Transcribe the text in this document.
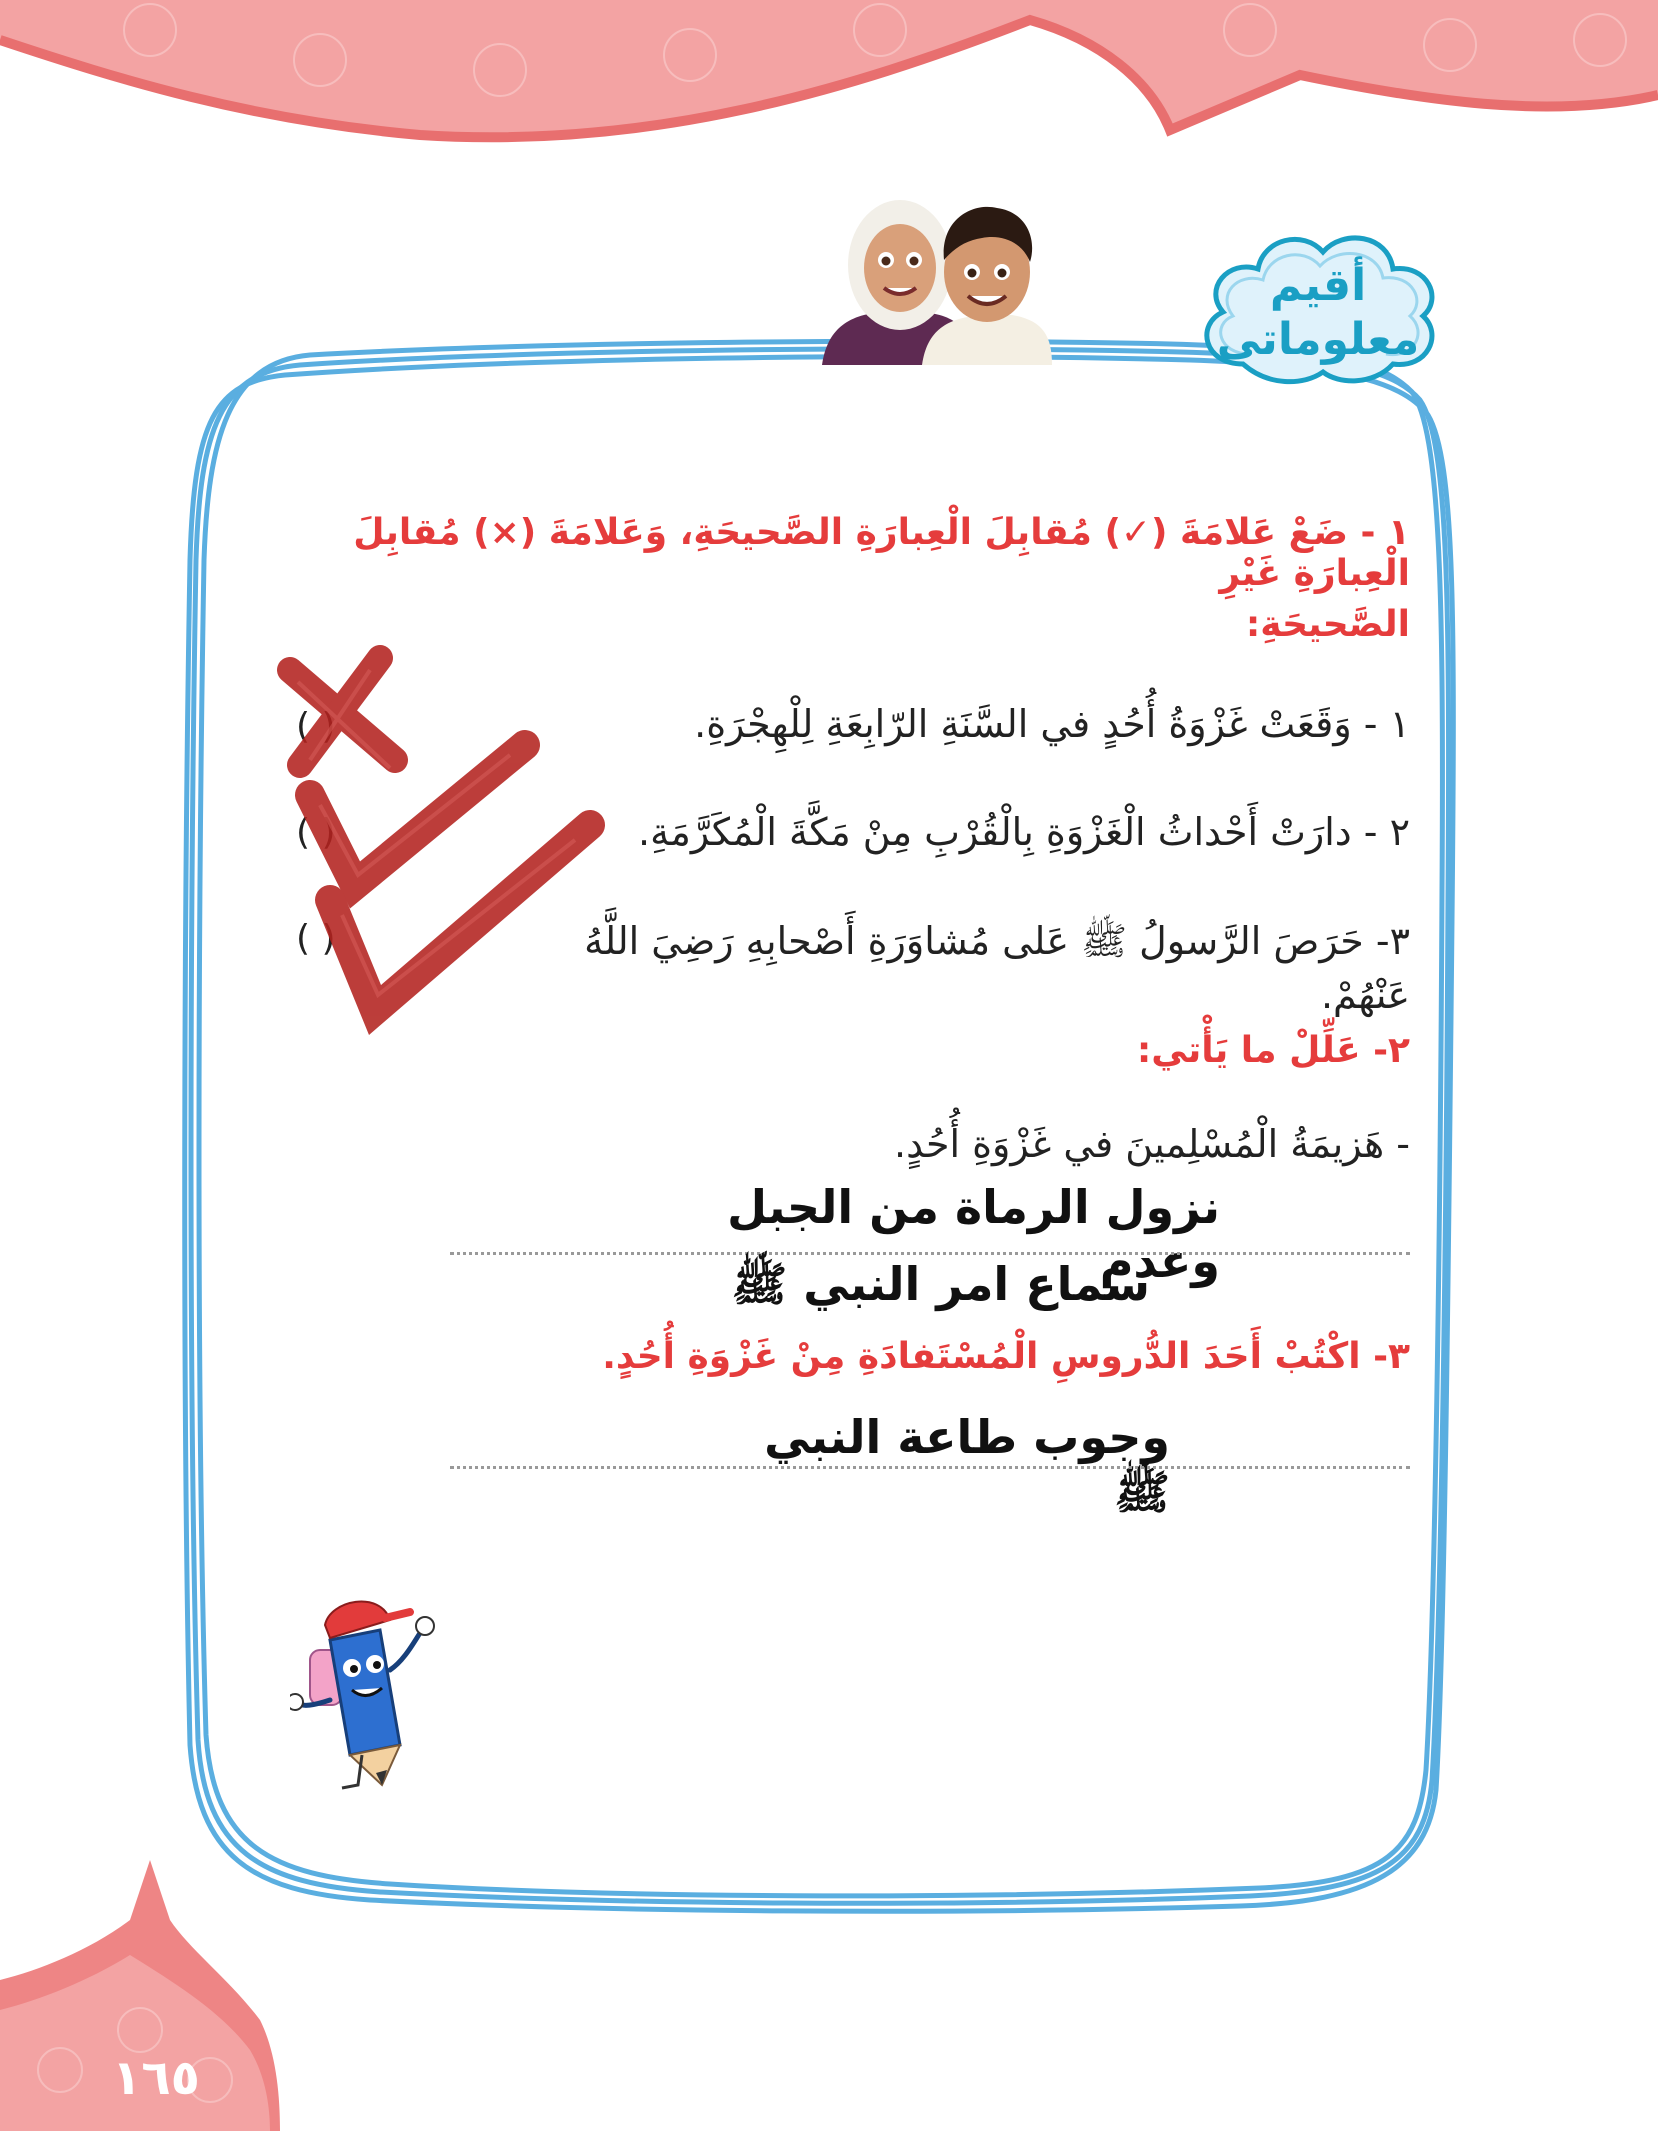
أقيم
معلوماتي
١ - ضَعْ عَلامَةَ (✓) مُقابِلَ الْعِبارَةِ الصَّحيحَةِ، وَعَلامَةَ (×) مُقابِلَ الْعِبارَةِ غَيْرِ
الصَّحيحَةِ:
١ - وَقَعَتْ غَزْوَةُ أُحُدٍ في السَّنَةِ الرّابِعَةِ لِلْهِجْرَةِ.
( )
٢ - دارَتْ أَحْداثُ الْغَزْوَةِ بِالْقُرْبِ مِنْ مَكَّةَ الْمُكَرَّمَةِ.
( )
٣- حَرَصَ الرَّسولُ ﷺ عَلى مُشاوَرَةِ أَصْحابِهِ رَضِيَ اللَّهُ عَنْهُمْ.
( )
٢- عَلِّلْ ما يَأْتي:
- هَزيمَةُ الْمُسْلِمينَ في غَزْوَةِ أُحُدٍ.
نزول الرماة من الجبل وعدم
سماع امر النبي ﷺ
٣- اكْتُبْ أَحَدَ الدُّروسِ الْمُسْتَفادَةِ مِنْ غَزْوَةِ أُحُدٍ.
وجوب طاعة النبي ﷺ
١٦٥
